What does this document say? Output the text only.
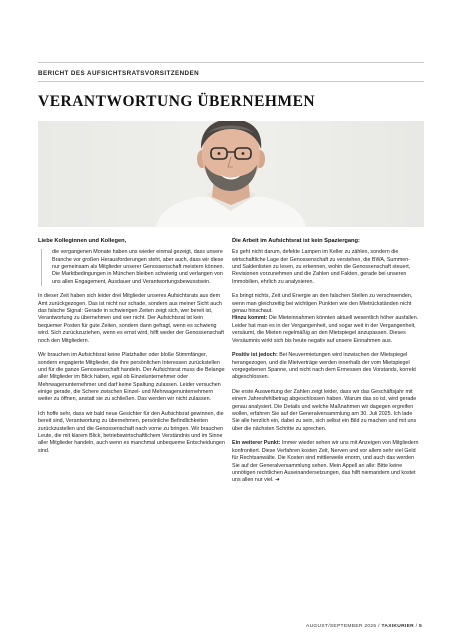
BERICHT DES AUFSICHTSRATSVORSITZENDEN
VERANTWORTUNG ÜBERNEHMEN

Liebe Kolleginnen und Kollegen,

die vergangenen Monate haben uns wieder einmal gezeigt, dass unsere Branche vor großen Herausforderungen steht, aber auch, dass wir diese nur gemeinsam als Mitglieder unserer Genossenschaft meistern können. Die Marktbedingungen in München bleiben schwierig und verlangen von uns allen Engagement, Ausdauer und Verantwortungsbewusstsein.

In dieser Zeit haben sich leider drei Mitglieder unseres Aufsichtsrats aus dem Amt zurückgezogen. Das ist nicht nur schade, sondern aus meiner Sicht auch das falsche Signal: Gerade in schwierigen Zeiten zeigt sich, wer bereit ist, Verantwortung zu übernehmen und wer nicht. Der Aufsichtsrat ist kein bequemer Posten für gute Zeiten, sondern dann gefragt, wenn es schwierig wird. Sich zurückzuziehen, wenn es ernst wird, hilft weder der Genossenschaft noch den Mitgliedern.

Wir brauchen im Aufsichtsrat keine Platzhalter oder bloße Stimmfänger, sondern engagierte Mitglieder, die ihre persönlichen Interessen zurückstellen und für die ganze Genossenschaft handeln. Der Aufsichtsrat muss die Belange aller Mitglieder im Blick haben, egal ob Einzelunternehmer oder Mehrwagenunternehmer und darf keine Spaltung zulassen. Leider versuchen einige gerade, die Schere zwischen Einzel- und Mehrwagenunternehmern weiter zu öffnen, anstatt sie zu schließen. Das werden wir nicht zulassen.

Ich hoffe sehr, dass wir bald neue Gesichter für den Aufsichtsrat gewinnen, die bereit sind, Verantwortung zu übernehmen, persönliche Befindlichkeiten zurückzustellen und die Genossenschaft nach vorne zu bringen. Wir brauchen Leute, die mit klarem Blick, betriebswirtschaftlichem Verständnis und im Sinne aller Mitglieder handeln, auch wenn es manchmal unbequeme Entscheidungen sind.

Die Arbeit im Aufsichtsrat ist kein Spaziergang:

Es geht nicht darum, defekte Lampen im Keller zu zählen, sondern die wirtschaftliche Lage der Genossenschaft zu verstehen, die BWA, Summen- und Saldenlisten zu lesen, zu erkennen, wohin die Genossenschaft steuert, Revisionen vorzunehmen und die Zahlen und Fakten, gerade bei unseren Immobilien, ehrlich zu analysieren.

Es bringt nichts, Zeit und Energie an den falschen Stellen zu verschwenden, wenn man gleichzeitig bei wichtigen Punkten wie den Mietrückständen nicht genau hinschaut.
Hinzu kommt: Die Mieteinnahmen könnten aktuell wesentlich höher ausfallen. Leider hat man es in der Vergangenheit, und sogar weit in der Vergangenheit, versäumt, die Mieten regelmäßig an den Mietspiegel anzupassen. Dieses Versäumnis wirkt sich bis heute negativ auf unsere Einnahmen aus.

Positiv ist jedoch: Bei Neuvermietungen wird inzwischen der Mietspiegel herangezogen, und die Mietverträge werden innerhalb der vom Mietspiegel vorgegebenen Spanne, und nicht nach dem Ermessen des Vorstands, korrekt abgeschlossen.

Die erste Auswertung der Zahlen zeigt leider, dass wir das Geschäftsjahr mit einem Jahresfehlbetrag abgeschlossen haben. Warum das so ist, wird gerade genau analysiert. Die Details und welche Maßnahmen wir dagegen ergreifen wollen, erfahren Sie auf der Generalversammlung am 30. Juli 2025. Ich lade Sie alle herzlich ein, dabei zu sein, sich selbst ein Bild zu machen und mit uns über die nächsten Schritte zu sprechen.

Ein weiterer Punkt: Immer wieder sehen wir uns mit Anzeigen von Mitgliedern konfrontiert. Diese Verfahren kosten Zeit, Nerven und vor allem sehr viel Geld für Rechtsanwälte. Die Kosten sind mittlerweile enorm, und auch das werden Sie auf der Generalversammlung sehen. Mein Appell an alle: Bitte keine unnötigen rechtlichen Auseinandersetzungen, das hilft niemandem und kostet uns allen nur viel. ➜

AUGUST/SEPTEMBER 2025 / TAXIKURIER / 5
